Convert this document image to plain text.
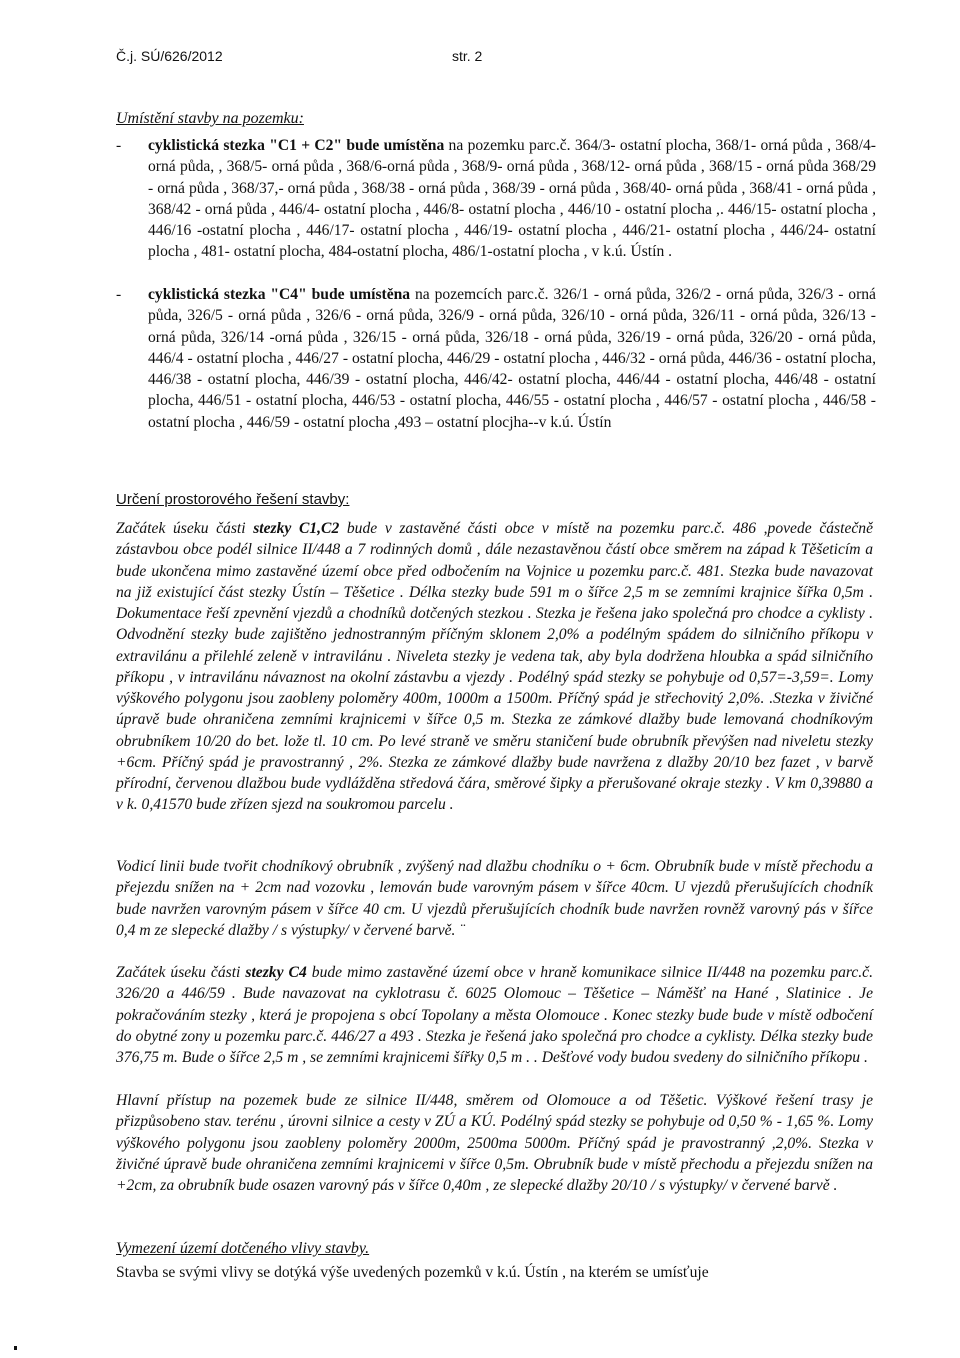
Č.j. SÚ/626/2012	str. 2
Umístění stavby na pozemku:
- cyklistická stezka "C1 + C2" bude umístěna na pozemku parc.č. 364/3- ostatní plocha, 368/1- orná půda , 368/4- orná půda, , 368/5- orná půda , 368/6-orná půda , 368/9- orná půda , 368/12- orná půda , 368/15 - orná půda 368/29 - orná půda , 368/37,- orná půda , 368/38 - orná půda , 368/39 - orná půda , 368/40- orná půda , 368/41 - orná půda , 368/42 - orná půda , 446/4- ostatní plocha , 446/8- ostatní plocha , 446/10 - ostatní plocha ,. 446/15- ostatní plocha , 446/16 -ostatní plocha , 446/17- ostatní plocha , 446/19- ostatní plocha , 446/21- ostatní plocha , 446/24- ostatní plocha , 481- ostatní plocha, 484-ostatní plocha, 486/1-ostatní plocha , v k.ú. Ústín .
- cyklistická stezka "C4" bude umístěna na pozemcích parc.č. 326/1 - orná půda, 326/2 - orná půda, 326/3 - orná půda, 326/5 - orná půda , 326/6 - orná půda, 326/9 - orná půda, 326/10 - orná půda, 326/11 - orná půda, 326/13 - orná půda, 326/14 -orná půda , 326/15 - orná půda, 326/18 - orná půda, 326/19 - orná půda, 326/20 - orná půda, 446/4 - ostatní plocha , 446/27 - ostatní plocha, 446/29 - ostatní plocha , 446/32 - orná půda, 446/36 - ostatní plocha, 446/38 - ostatní plocha, 446/39 - ostatní plocha, 446/42- ostatní plocha, 446/44 - ostatní plocha, 446/48 - ostatní plocha, 446/51 - ostatní plocha, 446/53 - ostatní plocha, 446/55 - ostatní plocha , 446/57 - ostatní plocha , 446/58 - ostatní plocha , 446/59 - ostatní plocha ,493 – ostatní plocjha--v k.ú. Ústín
Určení prostorového řešení stavby:
Začátek úseku části stezky C1,C2 bude v zastavěné části obce v místě na pozemku parc.č. 486 ,povede částečně zástavbou obce podél silnice II/448 a 7 rodinných domů , dále nezastavěnou částí obce směrem na západ k Těšeticím a bude ukončena mimo zastavěné území obce před odbočením na Vojnice u pozemku parc.č. 481. Stezka bude navazovat na již existující část stezky Ústín – Těšetice . Délka stezky bude 591 m o šířce 2,5 m se zemními krajnice šířka 0,5m . Dokumentace řeší zpevnění vjezdů a chodníků dotčených stezkou . Stezka je řešena jako společná pro chodce a cyklisty . Odvodnění stezky bude zajištěno jednostranným příčným sklonem 2,0% a podélným spádem do silničního příkopu v extravilánu a přilehlé zeleně v intravilánu . Niveleta stezky je vedena tak, aby byla dodržena hloubka a spád silničního příkopu , v intravilánu návaznost na okolní zástavbu a vjezdy . Podélný spád stezky se pohybuje od 0,57=-3,59=. Lomy výškového polygonu jsou zaobleny poloměry 400m, 1000m a 1500m. Příčný spád je střechovitý 2,0%. .Stezka v živičné úpravě bude ohraničena zemními krajnicemi v šířce 0,5 m. Stezka ze zámkové dlažby bude lemovaná chodníkovým obrubníkem 10/20 do bet. lože tl. 10 cm. Po levé straně ve směru staničení bude obrubník převýšen nad niveletu stezky +6cm. Příčný spád je pravostranný , 2%. Stezka ze zámkové dlažby bude navržena z dlažby 20/10 bez fazet , v barvě přírodní, červenou dlažbou bude vydlážděna středová čára, směrové šipky a přerušované okraje stezky . V km 0,39880 a v k. 0,41570 bude zřízen sjezd na soukromou parcelu .
Vodicí linii bude tvořit chodníkový obrubník , zvýšený nad dlažbu chodníku o + 6cm. Obrubník bude v místě přechodu a přejezdu snížen na + 2cm nad vozovku , lemován bude varovným pásem v šířce 40cm. U vjezdů přerušujících chodník bude navržen varovným pásem v šířce 40 cm. U vjezdů přerušujících chodník bude navržen rovněž varovný pás v šířce 0,4 m ze slepecké dlažby / s výstupky/ v červené barvě. ¨
Začátek úseku části stezky C4 bude mimo zastavěné území obce v hraně komunikace silnice II/448 na pozemku parc.č. 326/20 a 446/59 . Bude navazovat na cyklotrasu č. 6025 Olomouc – Těšetice – Náměšť na Hané , Slatinice . Je pokračováním stezky , která je propojena s obcí Topolany a města Olomouce . Konec stezky bude bude v místě odbočení do obytné zony u pozemku parc.č. 446/27 a 493 . Stezka je řešená jako společná pro chodce a cyklisty. Délka stezky bude 376,75 m. Bude o šířce 2,5 m , se zemními krajnicemi šířky 0,5 m . . Dešťové vody budou svedeny do silničního příkopu .
Hlavní přístup na pozemek bude ze silnice II/448, směrem od Olomouce a od Těšetic. Výškové řešení trasy je přizpůsobeno stav. terénu , úrovni silnice a cesty v ZÚ a KÚ. Podélný spád stezky se pohybuje od 0,50 % - 1,65 %. Lomy výškového polygonu jsou zaobleny poloměry 2000m, 2500ma 5000m. Příčný spád je pravostranný ,2,0%. Stezka v živičné úpravě bude ohraničena zemními krajnicemi v šířce 0,5m. Obrubník bude v místě přechodu a přejezdu snížen na +2cm, za obrubník bude osazen varovný pás v šířce 0,40m , ze slepecké dlažby 20/10 / s výstupky/ v červené barvě .
Vymezení území dotčeného vlivy stavby.
Stavba se svými vlivy se dotýká výše uvedených pozemků v k.ú. Ústín , na kterém se umísťuje
